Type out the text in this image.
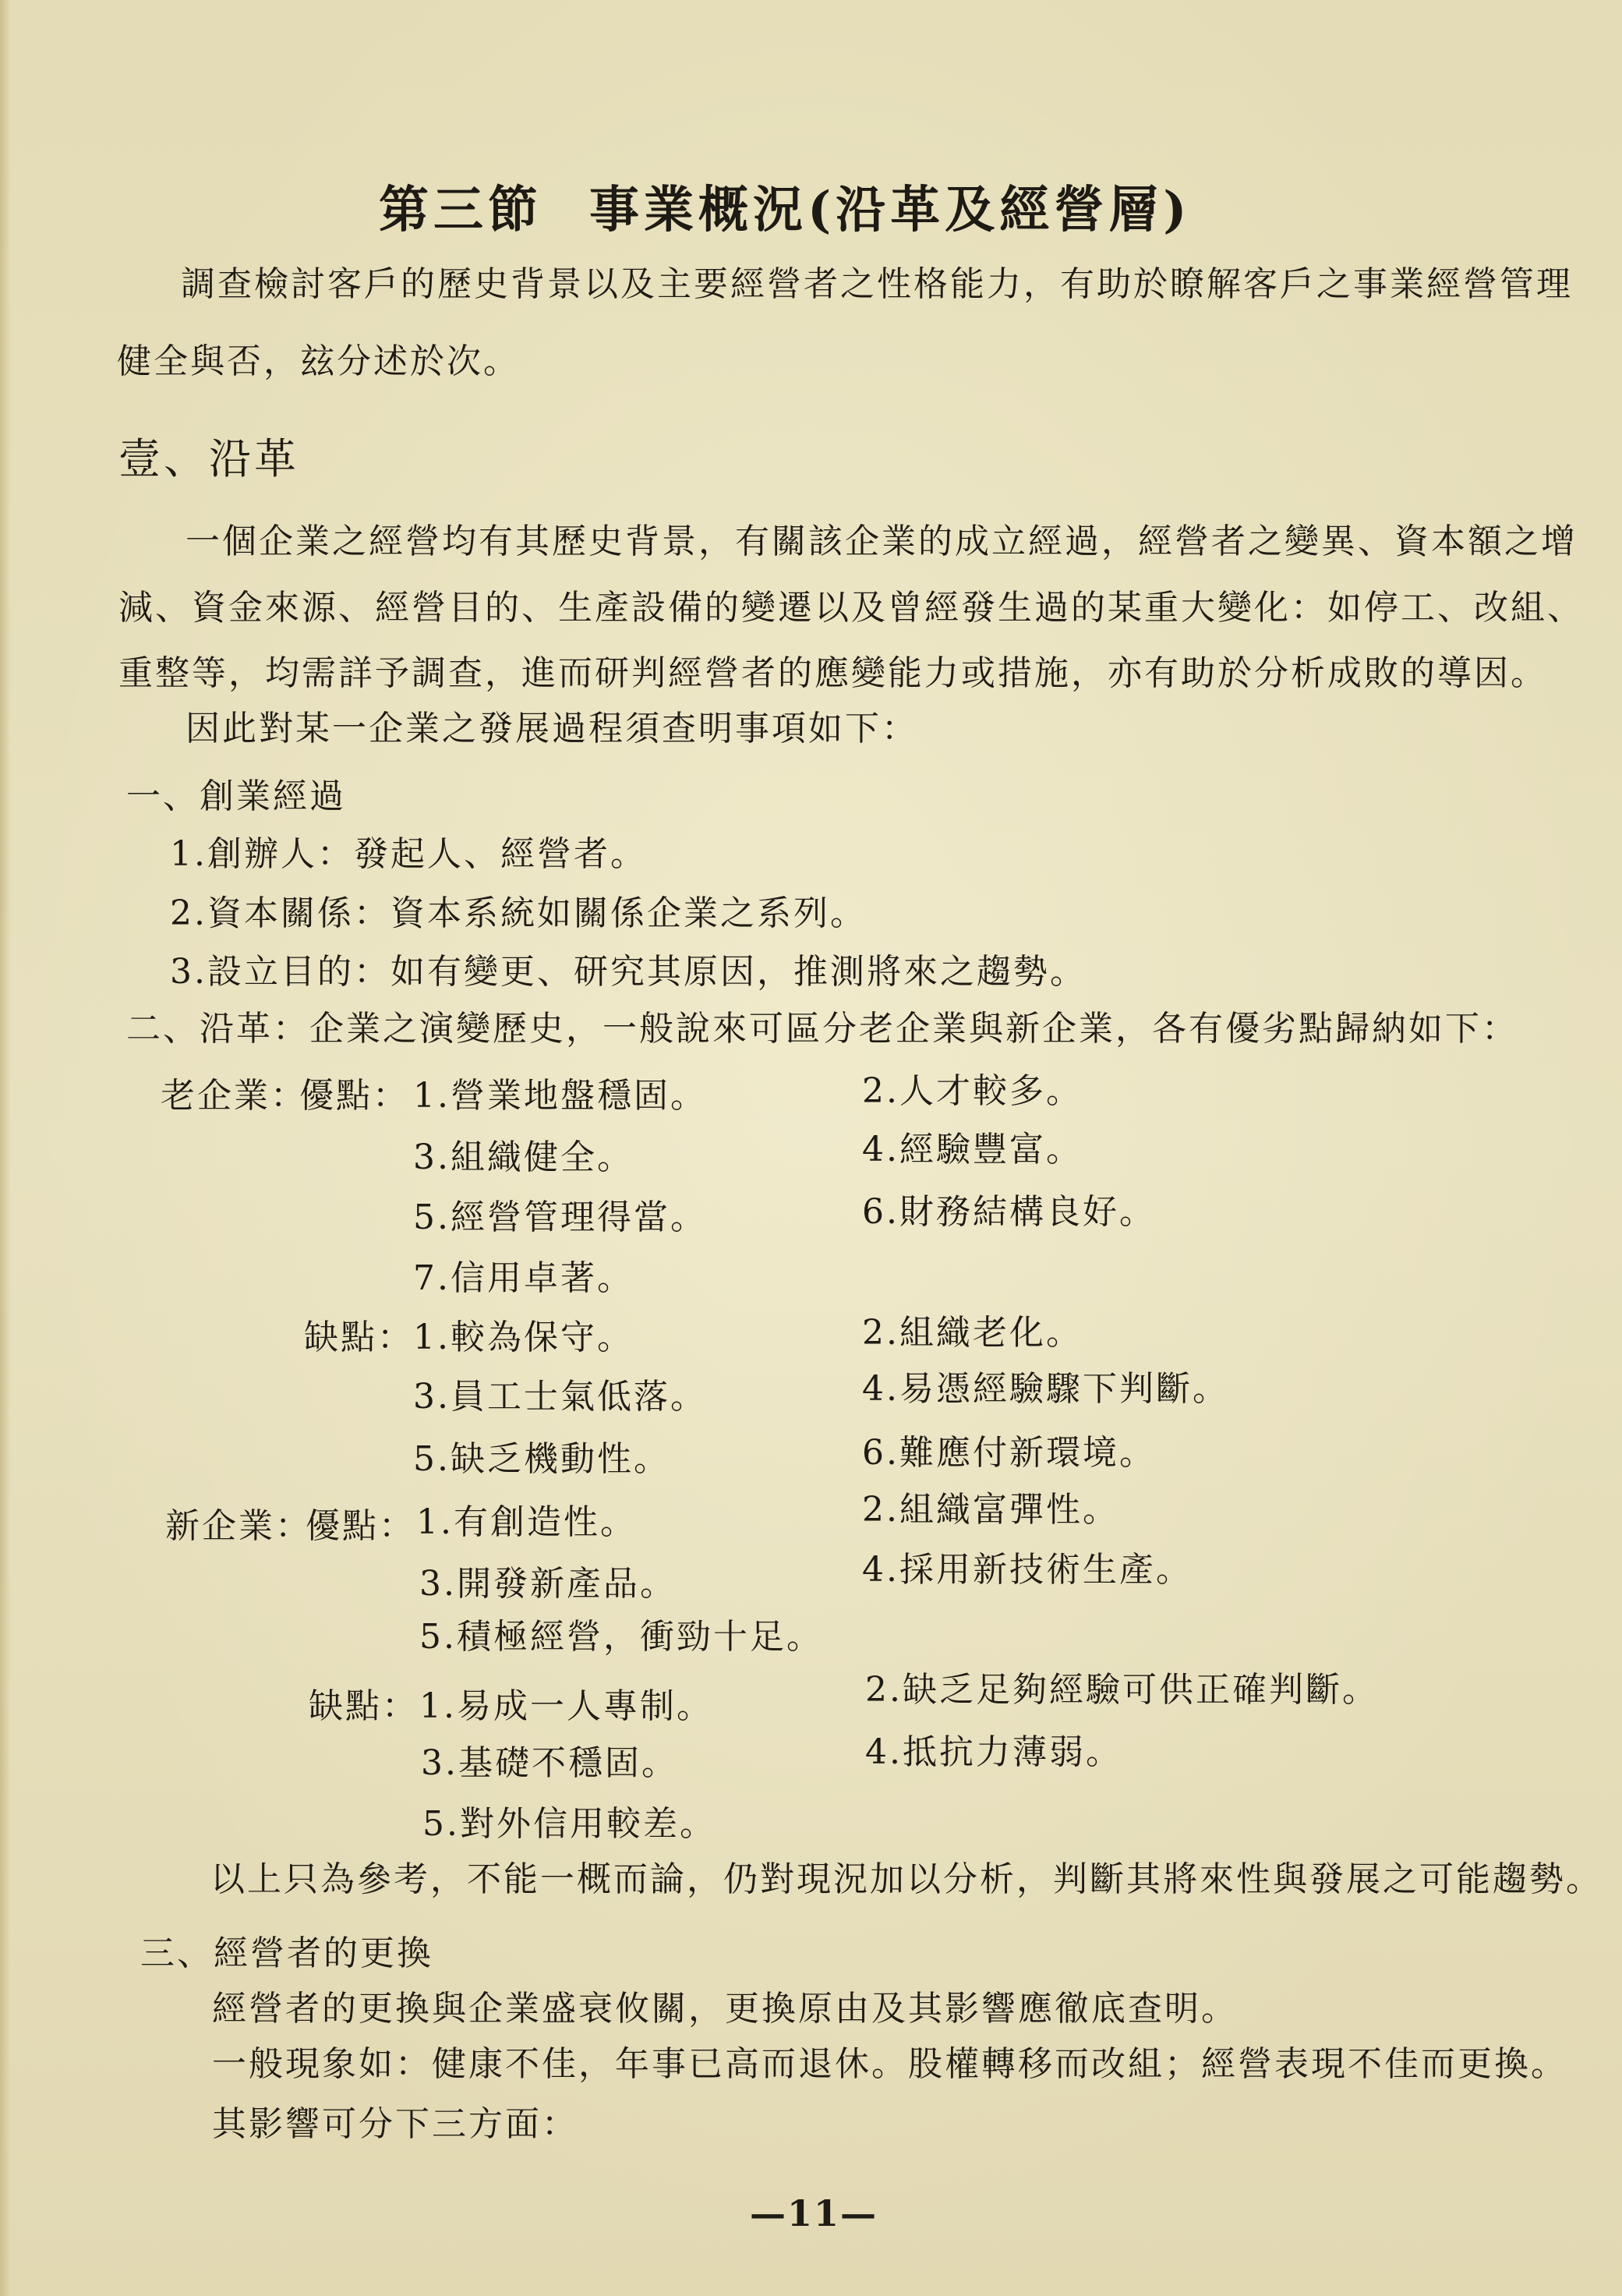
第三節 事業概況(沿革及經營層)
調查檢討客戶的歷史背景以及主要經營者之性格能力，有助於瞭解客戶之事業經營管理
健全與否，玆分述於次。
壹、沿革
一個企業之經營均有其歷史背景，有關該企業的成立經過，經營者之變異、資本額之增
減、資金來源、經營目的、生產設備的變遷以及曾經發生過的某重大變化：如停工、改組、
重整等，均需詳予調查，進而研判經營者的應變能力或措施，亦有助於分析成敗的導因。
因此對某一企業之發展過程須查明事項如下：
一、創業經過
1.創辦人：發起人、經營者。
2.資本關係：資本系統如關係企業之系列。
3.設立目的：如有變更、研究其原因，推測將來之趨勢。
二、沿革：企業之演變歷史，一般說來可區分老企業與新企業，各有優劣點歸納如下：
老企業：
優點： 1.營業地盤穩固。	2.人才較多。
3.組織健全。	4.經驗豐富。
5.經營管理得當。	6.財務結構良好。
7.信用卓著。
缺點： 1.較為保守。	2.組織老化。
3.員工士氣低落。	4.易憑經驗驟下判斷。
5.缺乏機動性。	6.難應付新環境。
新企業：
優點： 1.有創造性。	2.組織富彈性。
3.開發新產品。	4.採用新技術生產。
5.積極經營，衝勁十足。
缺點： 1.易成一人專制。	2.缺乏足夠經驗可供正確判斷。
3.基礎不穩固。	4.抵抗力薄弱。
5.對外信用較差。
以上只為參考，不能一概而論，仍對現況加以分析，判斷其將來性與發展之可能趨勢。
三、經營者的更換
經營者的更換與企業盛衰攸關，更換原由及其影響應徹底查明。
一般現象如：健康不佳，年事已高而退休。股權轉移而改組；經營表現不佳而更換。
其影響可分下三方面：
—11—
